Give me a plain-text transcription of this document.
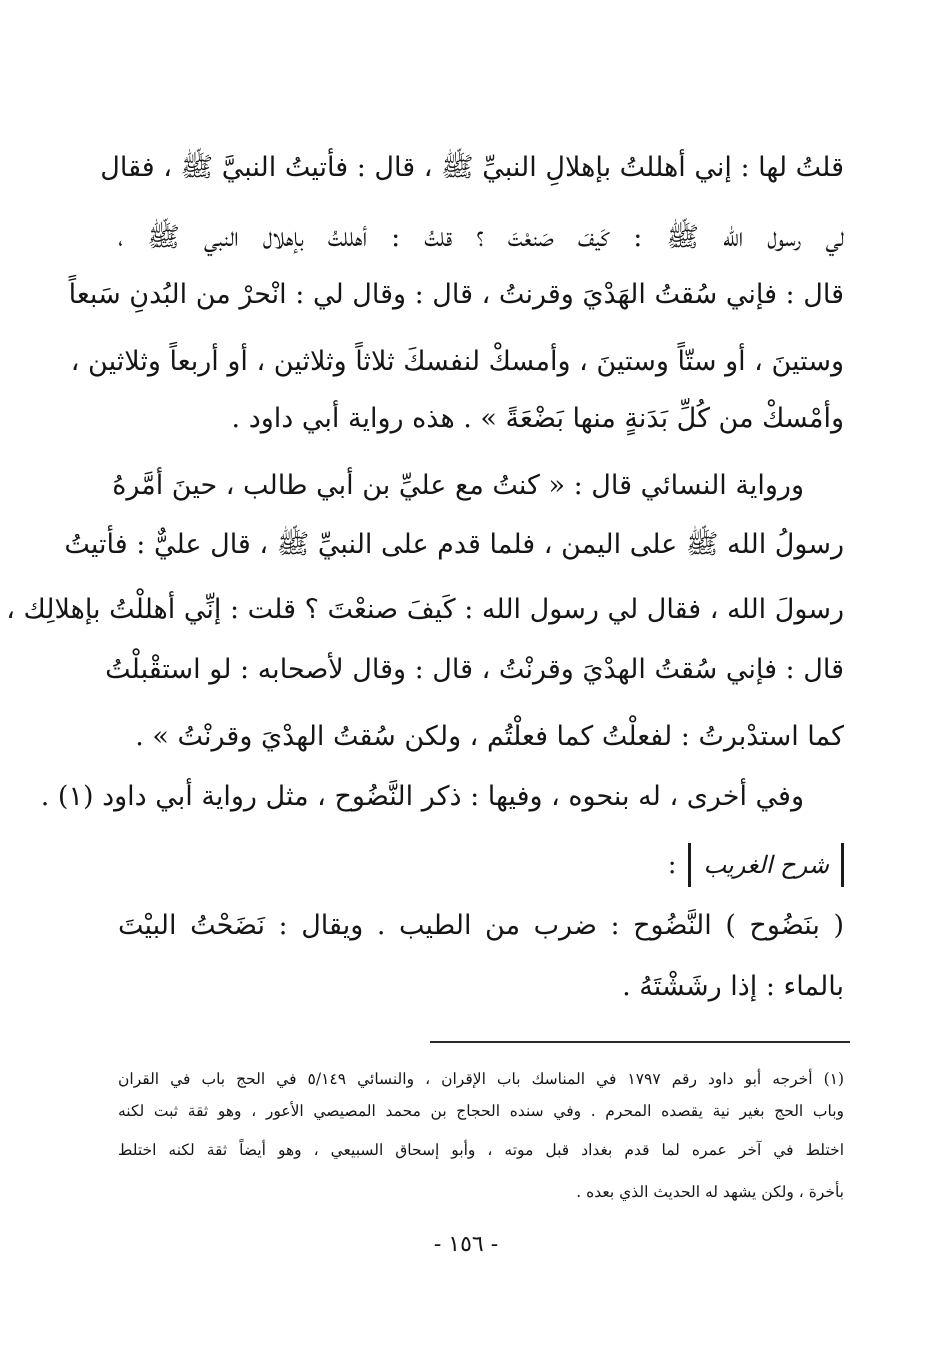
قلتُ لها : إني أهللتُ بإهلالِ النبيِّ ﷺ ، قال : فأتيتُ النبيَّ ﷺ ، فقال
لي رسول الله ﷺ : كَيفَ صَنعْتَ ؟ قلتُ : أهللتُ بإهلال النبي ﷺ ،
قال : فإني سُقتُ الهَدْيَ وقرنتُ ، قال : وقال لي : انْحرْ من البُدنِ سَبعاً
وستينَ ، أو ستّاً وستينَ ، وأمسكْ لنفسكَ ثلاثاً وثلاثين ، أو أربعاً وثلاثين ،
وأمْسكْ من كُلِّ بَدَنةٍ منها بَضْعَةً » . هذه رواية أبي داود .
ورواية النسائي قال : « كنتُ مع عليِّ بن أبي طالب ، حينَ أمَّرهُ
رسولُ الله ﷺ على اليمن ، فلما قدم على النبيِّ ﷺ ، قال عليٌّ : فأتيتُ
رسولَ الله ، فقال لي رسول الله : كَيفَ صنعْتَ ؟ قلت : إنِّي أهللْتُ بإهلالِك ،
قال : فإني سُقتُ الهدْيَ وقرنْتُ ، قال : وقال لأصحابه : لو استقْبلْتُ
كما استدْبرتُ : لفعلْتُ كما فعلْتُم ، ولكن سُقتُ الهدْيَ وقرنْتُ » .
وفي أخرى ، له بنحوه ، وفيها : ذكر النَّضُوح ، مثل رواية أبي داود (١) .
شرح الغريب
:
( بنَضُوح ) النَّضُوح : ضرب من الطيب . ويقال : نَضَحْتُ البيْتَ
بالماء : إذا رشَشْتَهُ .
(١) أخرجه أبو داود رقم ١٧٩٧ في المناسك باب الإقران ، والنسائي ٥/١٤٩ في الحج باب في القران
وباب الحج بغير نية يقصده المحرم . وفي سنده الحجاج بن محمد المصيصي الأعور ، وهو ثقة ثبت لكنه
اختلط في آخر عمره لما قدم بغداد قبل موته ، وأبو إسحاق السبيعي ، وهو أيضاً ثقة لكنه اختلط
بأخرة ، ولكن يشهد له الحديث الذي بعده .
- ١٥٦ -
